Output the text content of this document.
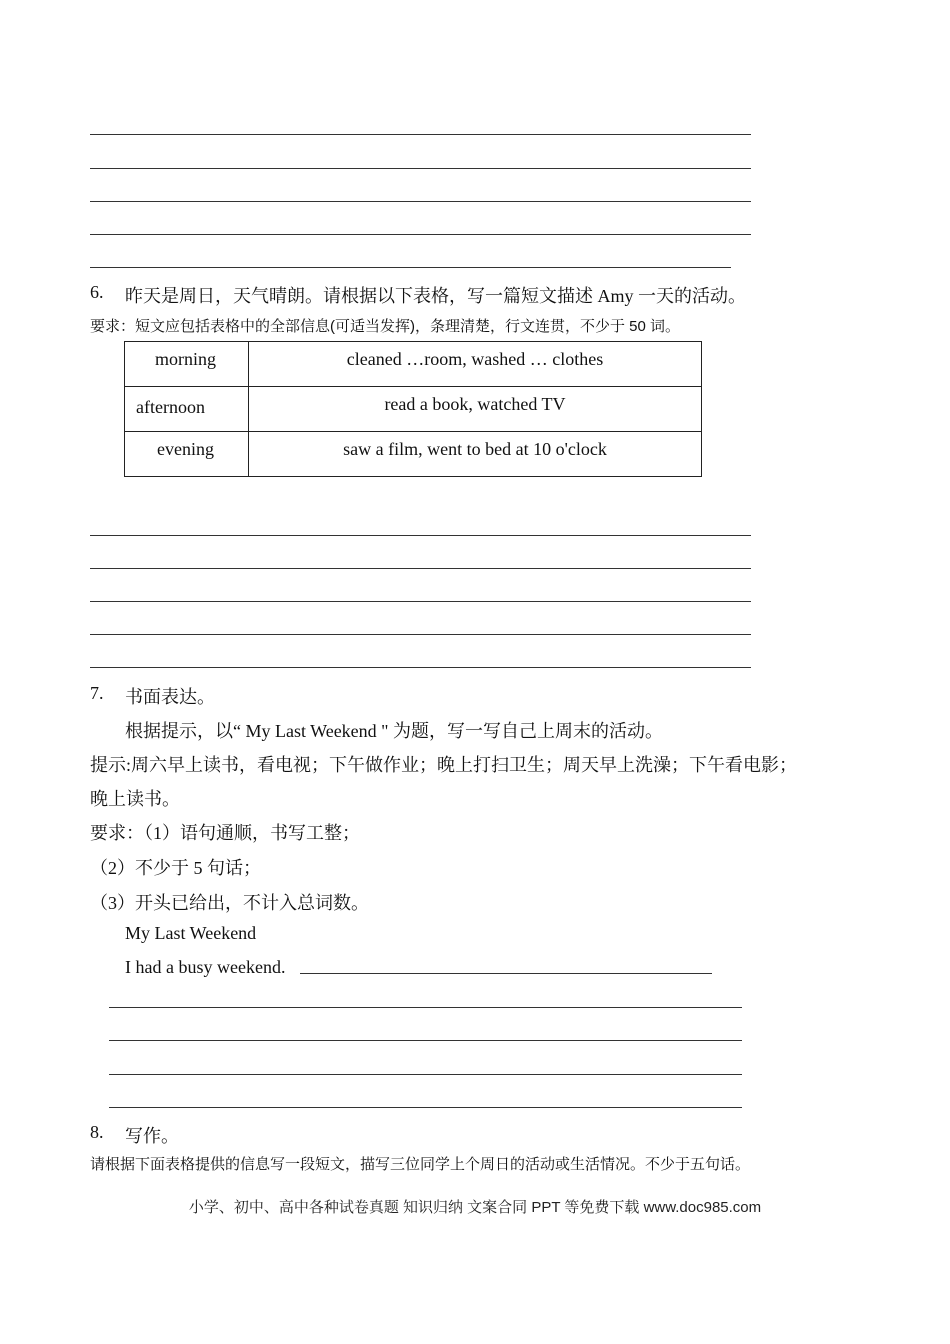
6. 昨天是周日，天气晴朗。请根据以下表格，写一篇短文描述 Amy 一天的活动。
要求：短文应包括表格中的全部信息(可适当发挥)，条理清楚，行文连贯，不少于 50 词。
morning	cleaned …room, washed … clothes

afternoon	read a book, watched TV

evening	saw a film, went to bed at 10 o'clock
7. 书面表达。
根据提示，以“ My Last Weekend " 为题，写一写自己上周末的活动。
提示:周六早上读书，看电视；下午做作业；晚上打扫卫生；周天早上洗澡；下午看电影；
晚上读书。
要求：（1）语句通顺，书写工整；
（2）不少于 5 句话；
（3）开头已给出，不计入总词数。
My Last Weekend
I had a busy weekend.
8. 写作。
请根据下面表格提供的信息写一段短文，描写三位同学上个周日的活动或生活情况。不少于五句话。
小学、初中、高中各种试卷真题 知识归纳 文案合同 PPT 等免费下载 www.doc985.com
